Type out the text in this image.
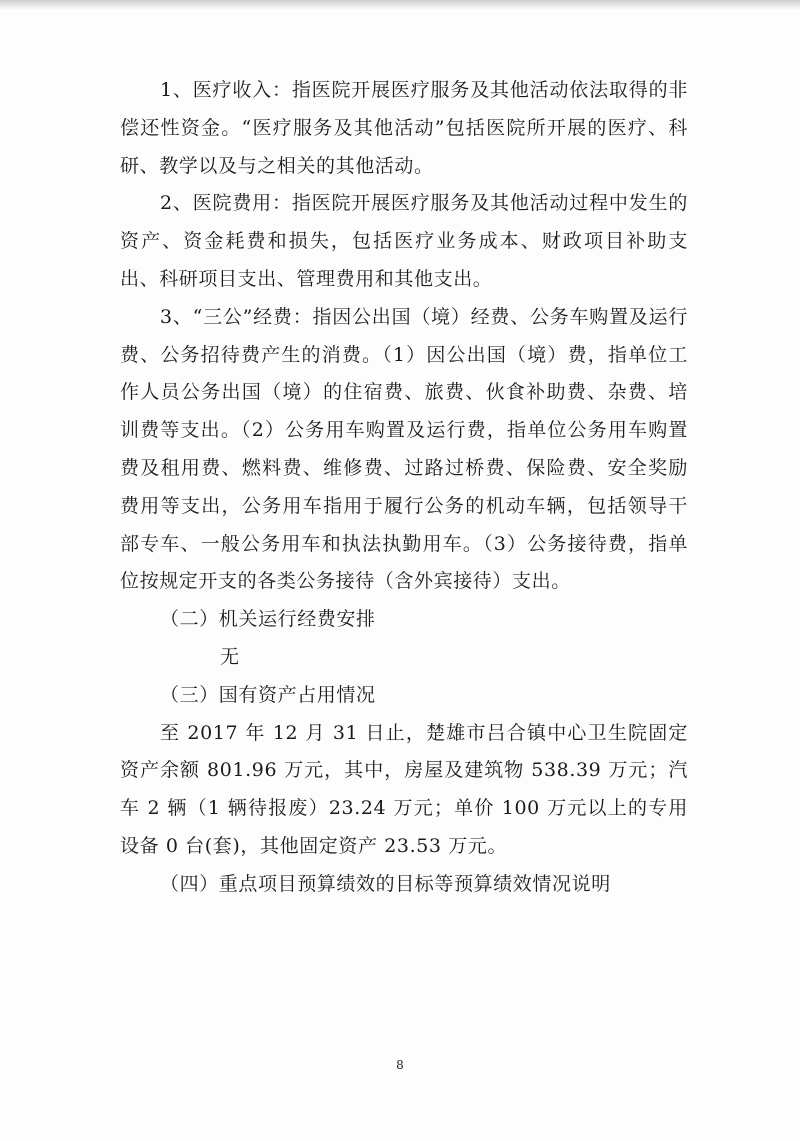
1、医疗收入：指医院开展医疗服务及其他活动依法取得的非偿还性资金。“医疗服务及其他活动”包括医院所开展的医疗、科研、教学以及与之相关的其他活动。

2、医院费用：指医院开展医疗服务及其他活动过程中发生的资产、资金耗费和损失，包括医疗业务成本、财政项目补助支出、科研项目支出、管理费用和其他支出。

3、“三公”经费：指因公出国（境）经费、公务车购置及运行费、公务招待费产生的消费。（1）因公出国（境）费，指单位工作人员公务出国（境）的住宿费、旅费、伙食补助费、杂费、培训费等支出。（2）公务用车购置及运行费，指单位公务用车购置费及租用费、燃料费、维修费、过路过桥费、保险费、安全奖励费用等支出，公务用车指用于履行公务的机动车辆，包括领导干部专车、一般公务用车和执法执勤用车。（3）公务接待费，指单位按规定开支的各类公务接待（含外宾接待）支出。

（二）机关运行经费安排

无

（三）国有资产占用情况

至 2017 年 12 月 31 日止，楚雄市吕合镇中心卫生院固定资产余额 801.96 万元，其中，房屋及建筑物 538.39 万元；汽车 2 辆（1 辆待报废）23.24 万元；单价 100 万元以上的专用设备 0 台(套)，其他固定资产 23.53 万元。

（四）重点项目预算绩效的目标等预算绩效情况说明

8
